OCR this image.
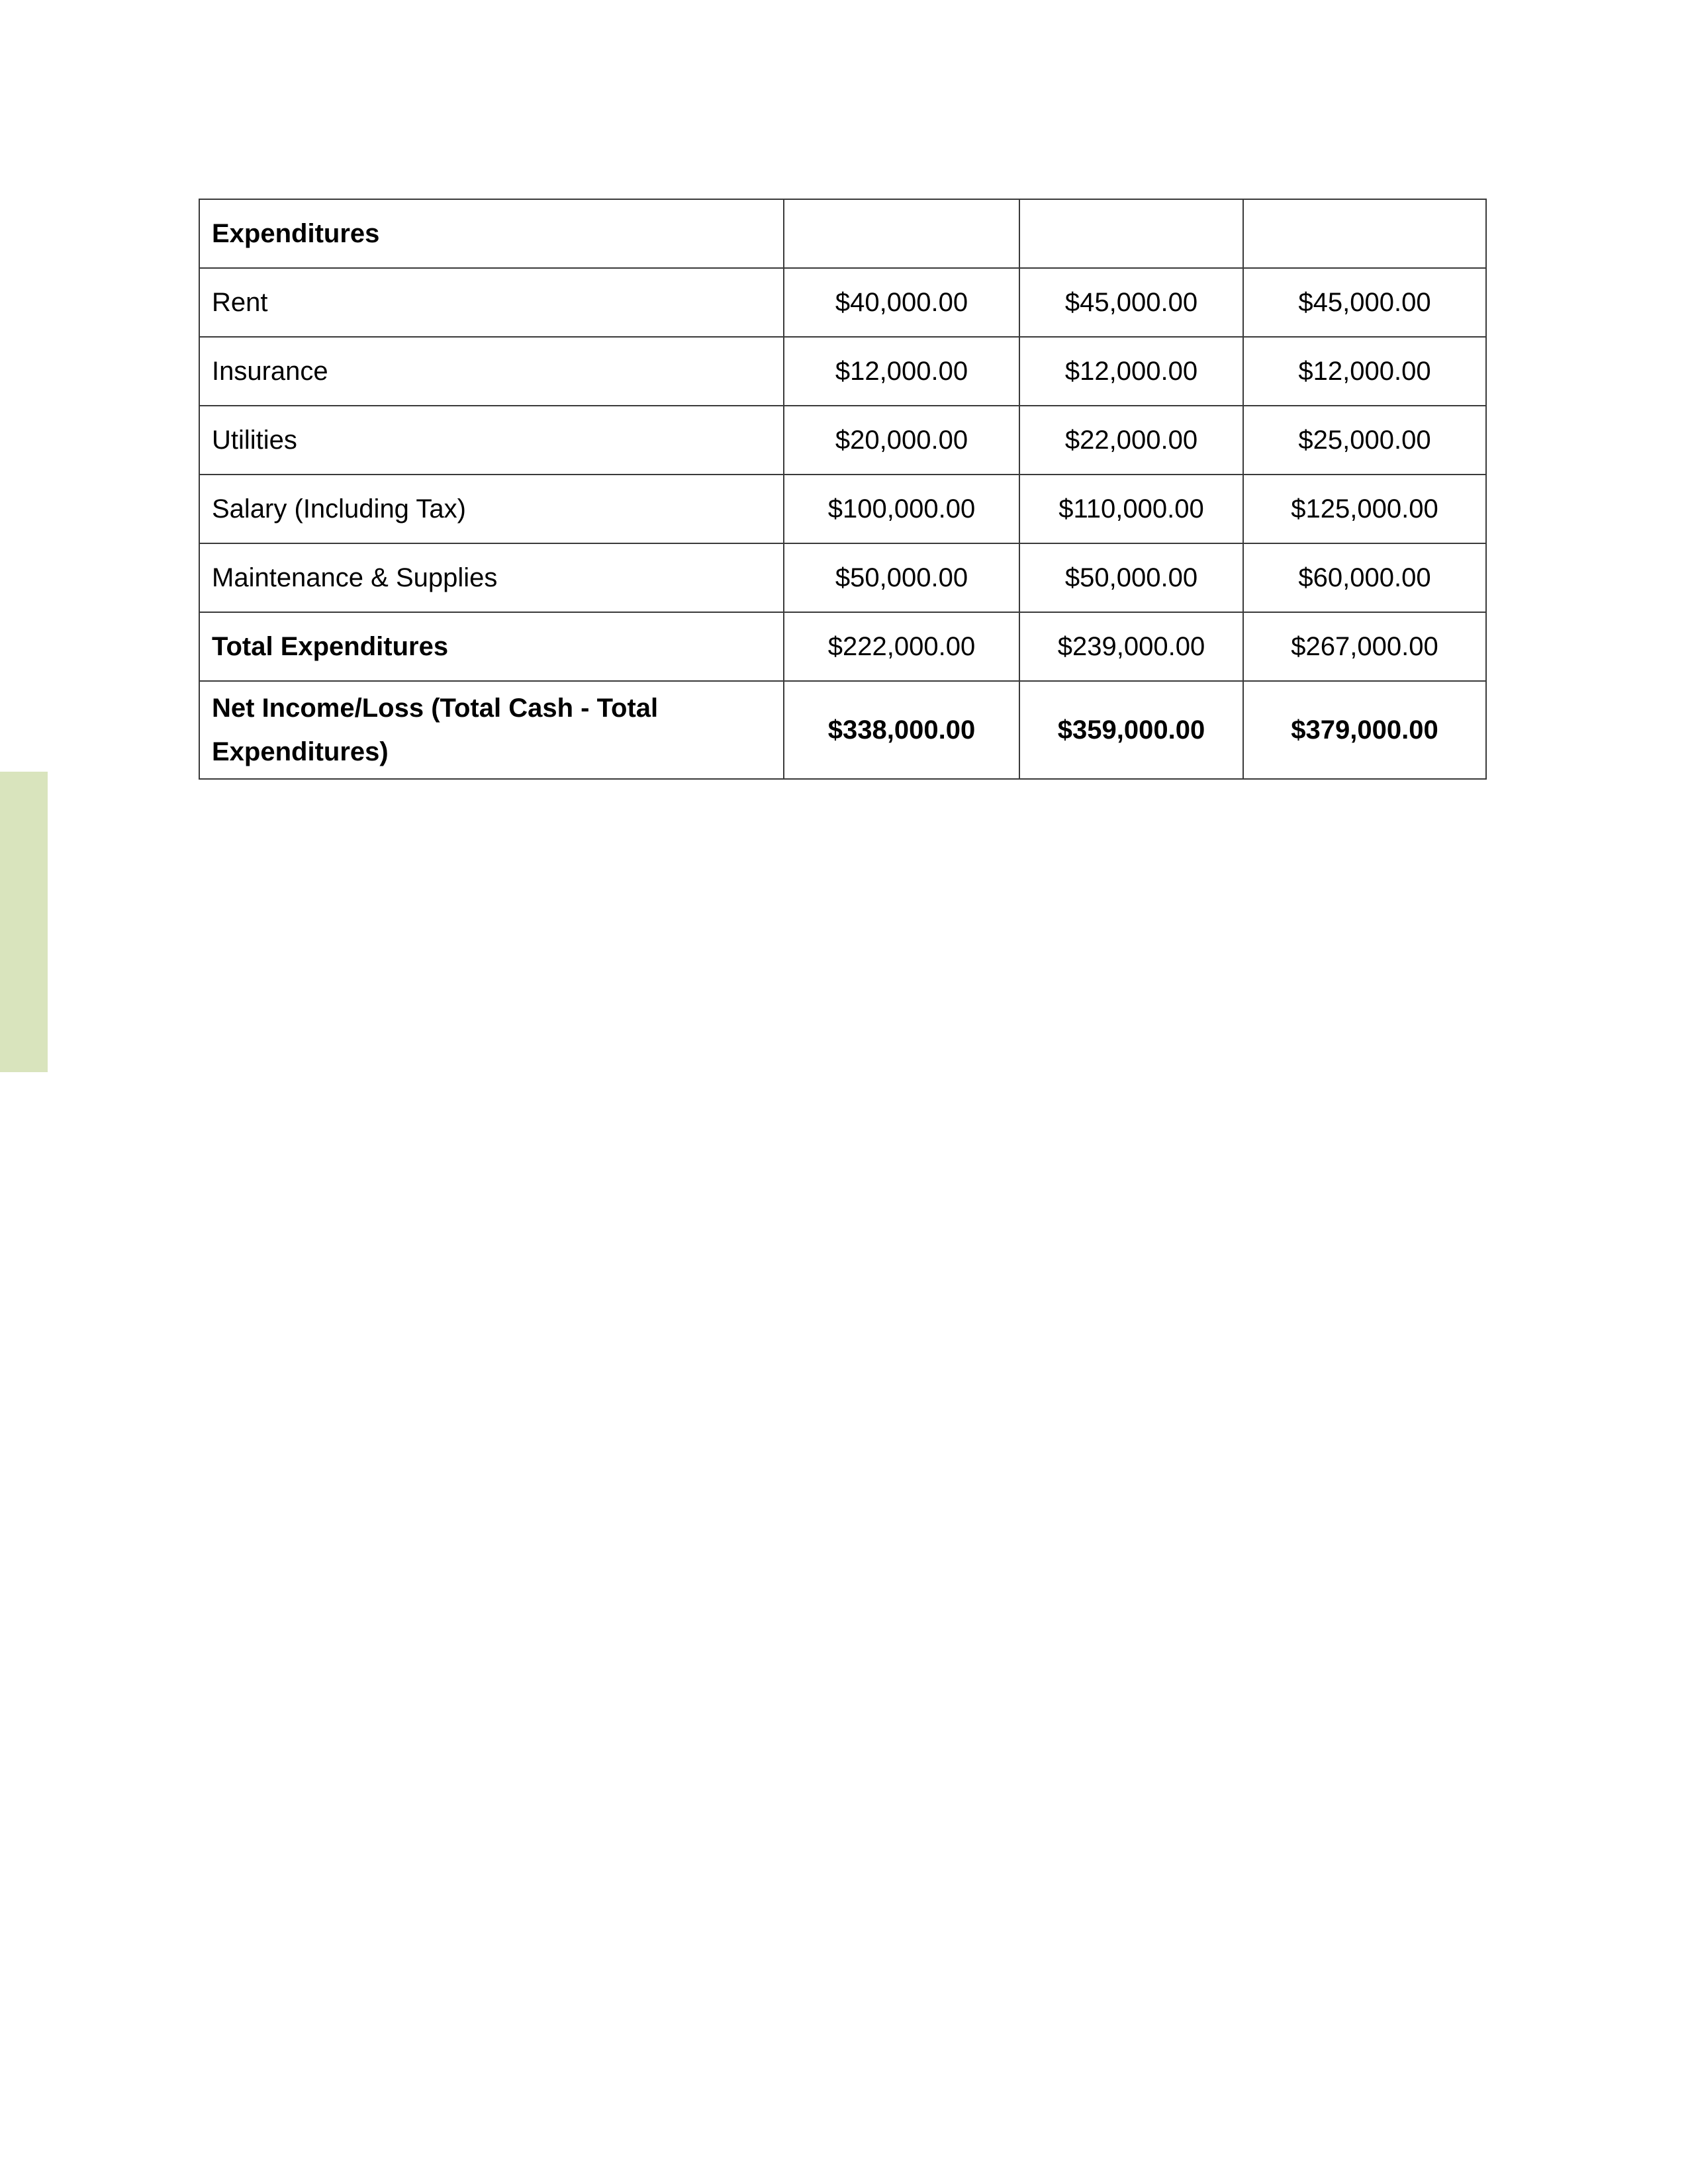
Expenditures			
Rent	$40,000.00	$45,000.00	$45,000.00
Insurance	$12,000.00	$12,000.00	$12,000.00
Utilities	$20,000.00	$22,000.00	$25,000.00
Salary (Including Tax)	$100,000.00	$110,000.00	$125,000.00
Maintenance & Supplies	$50,000.00	$50,000.00	$60,000.00
Total Expenditures	$222,000.00	$239,000.00	$267,000.00
Net Income/Loss (Total Cash - Total Expenditures)	$338,000.00	$359,000.00	$379,000.00
